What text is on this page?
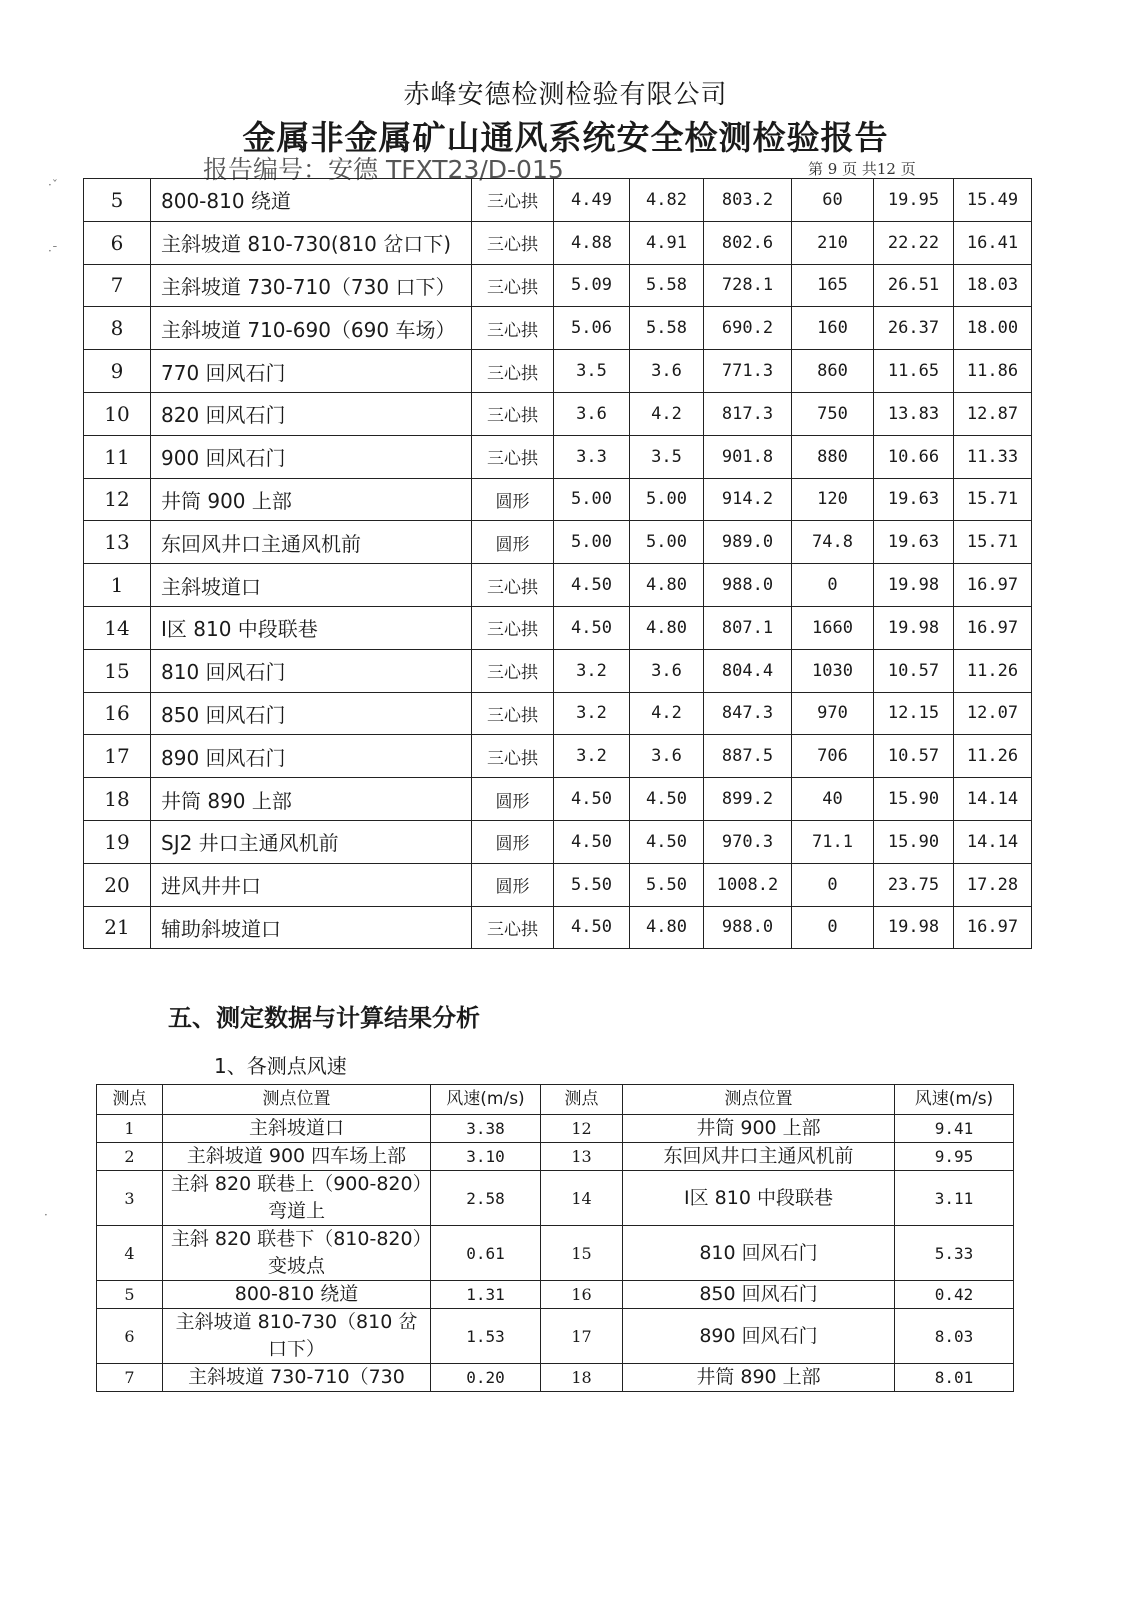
赤峰安德检测检验有限公司
金属非金属矿山通风系统安全检测检验报告
报告编号：安德 TFXT23/D-015	第 9 页 共12 页
·ˇ
·ˉ
·
5	800-810 绕道	三心拱	4.49	4.82	803.2	60	19.95	15.49
6	主斜坡道 810-730(810 岔口下)	三心拱	4.88	4.91	802.6	210	22.22	16.41
7	主斜坡道 730-710（730 口下）	三心拱	5.09	5.58	728.1	165	26.51	18.03
8	主斜坡道 710-690（690 车场）	三心拱	5.06	5.58	690.2	160	26.37	18.00
9	770 回风石门	三心拱	3.5	3.6	771.3	860	11.65	11.86
10	820 回风石门	三心拱	3.6	4.2	817.3	750	13.83	12.87
11	900 回风石门	三心拱	3.3	3.5	901.8	880	10.66	11.33
12	井筒 900 上部	圆形	5.00	5.00	914.2	120	19.63	15.71
13	东回风井口主通风机前	圆形	5.00	5.00	989.0	74.8	19.63	15.71
1	主斜坡道口	三心拱	4.50	4.80	988.0	0	19.98	16.97
14	Ⅰ区 810 中段联巷	三心拱	4.50	4.80	807.1	1660	19.98	16.97
15	810 回风石门	三心拱	3.2	3.6	804.4	1030	10.57	11.26
16	850 回风石门	三心拱	3.2	4.2	847.3	970	12.15	12.07
17	890 回风石门	三心拱	3.2	3.6	887.5	706	10.57	11.26
18	井筒 890 上部	圆形	4.50	4.50	899.2	40	15.90	14.14
19	SJ2 井口主通风机前	圆形	4.50	4.50	970.3	71.1	15.90	14.14
20	进风井井口	圆形	5.50	5.50	1008.2	0	23.75	17.28
21	辅助斜坡道口	三心拱	4.50	4.80	988.0	0	19.98	16.97
五、测定数据与计算结果分析
1、各测点风速
测点	测点位置	风速(m/s)	测点	测点位置	风速(m/s)
1	主斜坡道口	3.38	12	井筒 900 上部	9.41
2	主斜坡道 900 四车场上部	3.10	13	东回风井口主通风机前	9.95
3	主斜 820 联巷上（900-820）弯道上	2.58	14	Ⅰ区 810 中段联巷	3.11
4	主斜 820 联巷下（810-820）变坡点	0.61	15	810 回风石门	5.33
5	800-810 绕道	1.31	16	850 回风石门	0.42
6	主斜坡道 810-730（810 岔口下）	1.53	17	890 回风石门	8.03
7	主斜坡道 730-710（730	0.20	18	井筒 890 上部	8.01
